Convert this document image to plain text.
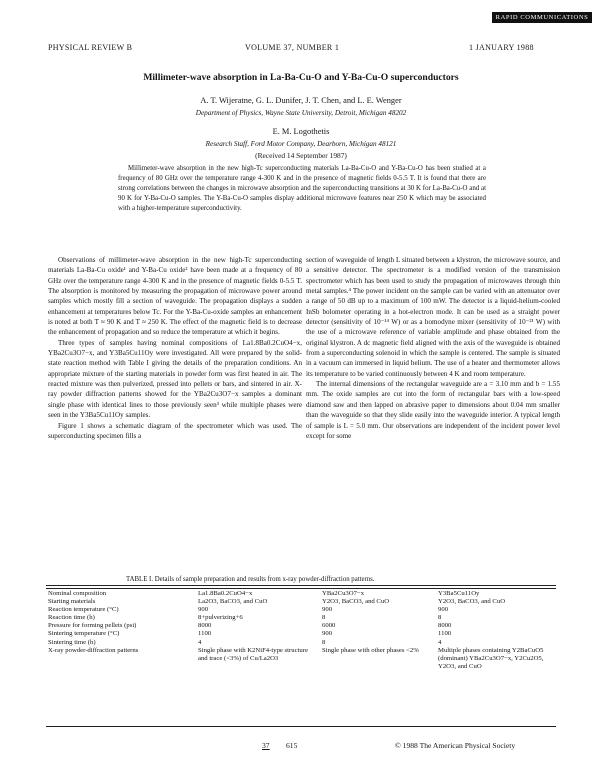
RAPID COMMUNICATIONS
PHYSICAL REVIEW B	VOLUME 37, NUMBER 1	1 JANUARY 1988
Millimeter-wave absorption in La-Ba-Cu-O and Y-Ba-Cu-O superconductors
A. T. Wijeratne, G. L. Dunifer, J. T. Chen, and L. E. Wenger
Department of Physics, Wayne State University, Detroit, Michigan 48202
E. M. Logothetis
Research Staff, Ford Motor Company, Dearborn, Michigan 48121
(Received 14 September 1987)
Millimeter-wave absorption in the new high-Tc superconducting materials La-Ba-Cu-O and Y-Ba-Cu-O has been studied at a frequency of 80 GHz over the temperature range 4-300 K and in the presence of magnetic fields 0-5.5 T. It is found that there are strong correlations between the changes in microwave absorption and the superconducting transitions at 30 K for La-Ba-Cu-O and at 90 K for Y-Ba-Cu-O samples. The Y-Ba-Cu-O samples display additional microwave features near 250 K which may be associated with a higher-temperature superconductivity.

Observations of millimeter-wave absorption in the new high-Tc superconducting materials La-Ba-Cu oxide¹ and Y-Ba-Cu oxide² have been made at a frequency of 80 GHz over the temperature range 4-300 K and in the presence of magnetic fields 0-5.5 T. The absorption is monitored by measuring the propagation of microwave power around samples which mostly fill a section of waveguide. The propagation displays a sudden enhancement at temperatures below Tc. For the Y-Ba-Cu-oxide samples an enhancement is noted at both T ≈ 90 K and T ≈ 250 K. The effect of the magnetic field is to decrease the enhancement of propagation and so reduce the temperature at which it begins.

Three types of samples having nominal compositions of La1.8Ba0.2CuO4−x, YBa2Cu3O7−x, and Y3Ba5Cu11Oy were investigated. All were prepared by the solid-state reaction method with Table I giving the details of the preparation conditions. An appropriate mixture of the starting materials in powder form was first heated in air. The reacted mixture was then pulverized, pressed into pellets or bars, and sintered in air. X-ray powder diffraction patterns showed for the YBa2Cu3O7−x samples a dominant single phase with identical lines to those previously seen³ while multiple phases were seen in the Y3Ba5Cu11Oy samples.

Figure 1 shows a schematic diagram of the spectrometer which was used. The superconducting specimen fills a

section of waveguide of length L situated between a klystron, the microwave source, and a sensitive detector. The spectrometer is a modified version of the transmission spectrometer which has been used to study the propagation of microwaves through thin metal samples.⁴ The power incident on the sample can be varied with an attenuator over a range of 50 dB up to a maximum of 100 mW. The detector is a liquid-helium-cooled InSb bolometer operating in a hot-electron mode. It can be used as a straight power detector (sensitivity of 10⁻¹⁴ W) or as a homodyne mixer (sensitivity of 10⁻²¹ W) with the use of a microwave reference of variable amplitude and phase obtained from the original klystron. A dc magnetic field aligned with the axis of the waveguide is obtained from a superconducting solenoid in which the sample is centered. The sample is situated in a vacuum can immersed in liquid helium. The use of a heater and thermometer allows its temperature to be varied continuously between 4 K and room temperature.

The internal dimensions of the rectangular waveguide are a = 3.10 mm and b = 1.55 mm. The oxide samples are cut into the form of rectangular bars with a low-speed diamond saw and then lapped on abrasive paper to dimensions about 0.04 mm smaller than the waveguide so that they slide easily into the waveguide interior. A typical length of sample is L = 5.0 mm. Our observations are independent of the incident power level except for some

TABLE I. Details of sample preparation and results from x-ray powder-diffraction patterns.
Nominal composition	La1.8Ba0.2CuO4−x	YBa2Cu3O7−x	Y3Ba5Cu11Oy
Starting materials	La2O3, BaCO3, and CuO	Y2O3, BaCO3, and CuO	Y2O3, BaCO3, and CuO
Reaction temperature (°C)	900	900	900
Reaction time (h)	8+pulverizing+6	8	8
Pressure for forming pellets (psi)	8000	6000	8000
Sintering temperature (°C)	1100	900	1100
Sintering time (h)	4	8	4
X-ray powder-diffraction patterns	Single phase with K2NiF4-type structure and trace (<3%) of Cu/La2O3	Single phase with other phases <2%	Multiple phases containing Y2BaCuO5 (dominant) YBa2Cu3O7−x, Y2Cu2O5, Y2O3, and CuO
37 615	© 1988 The American Physical Society
